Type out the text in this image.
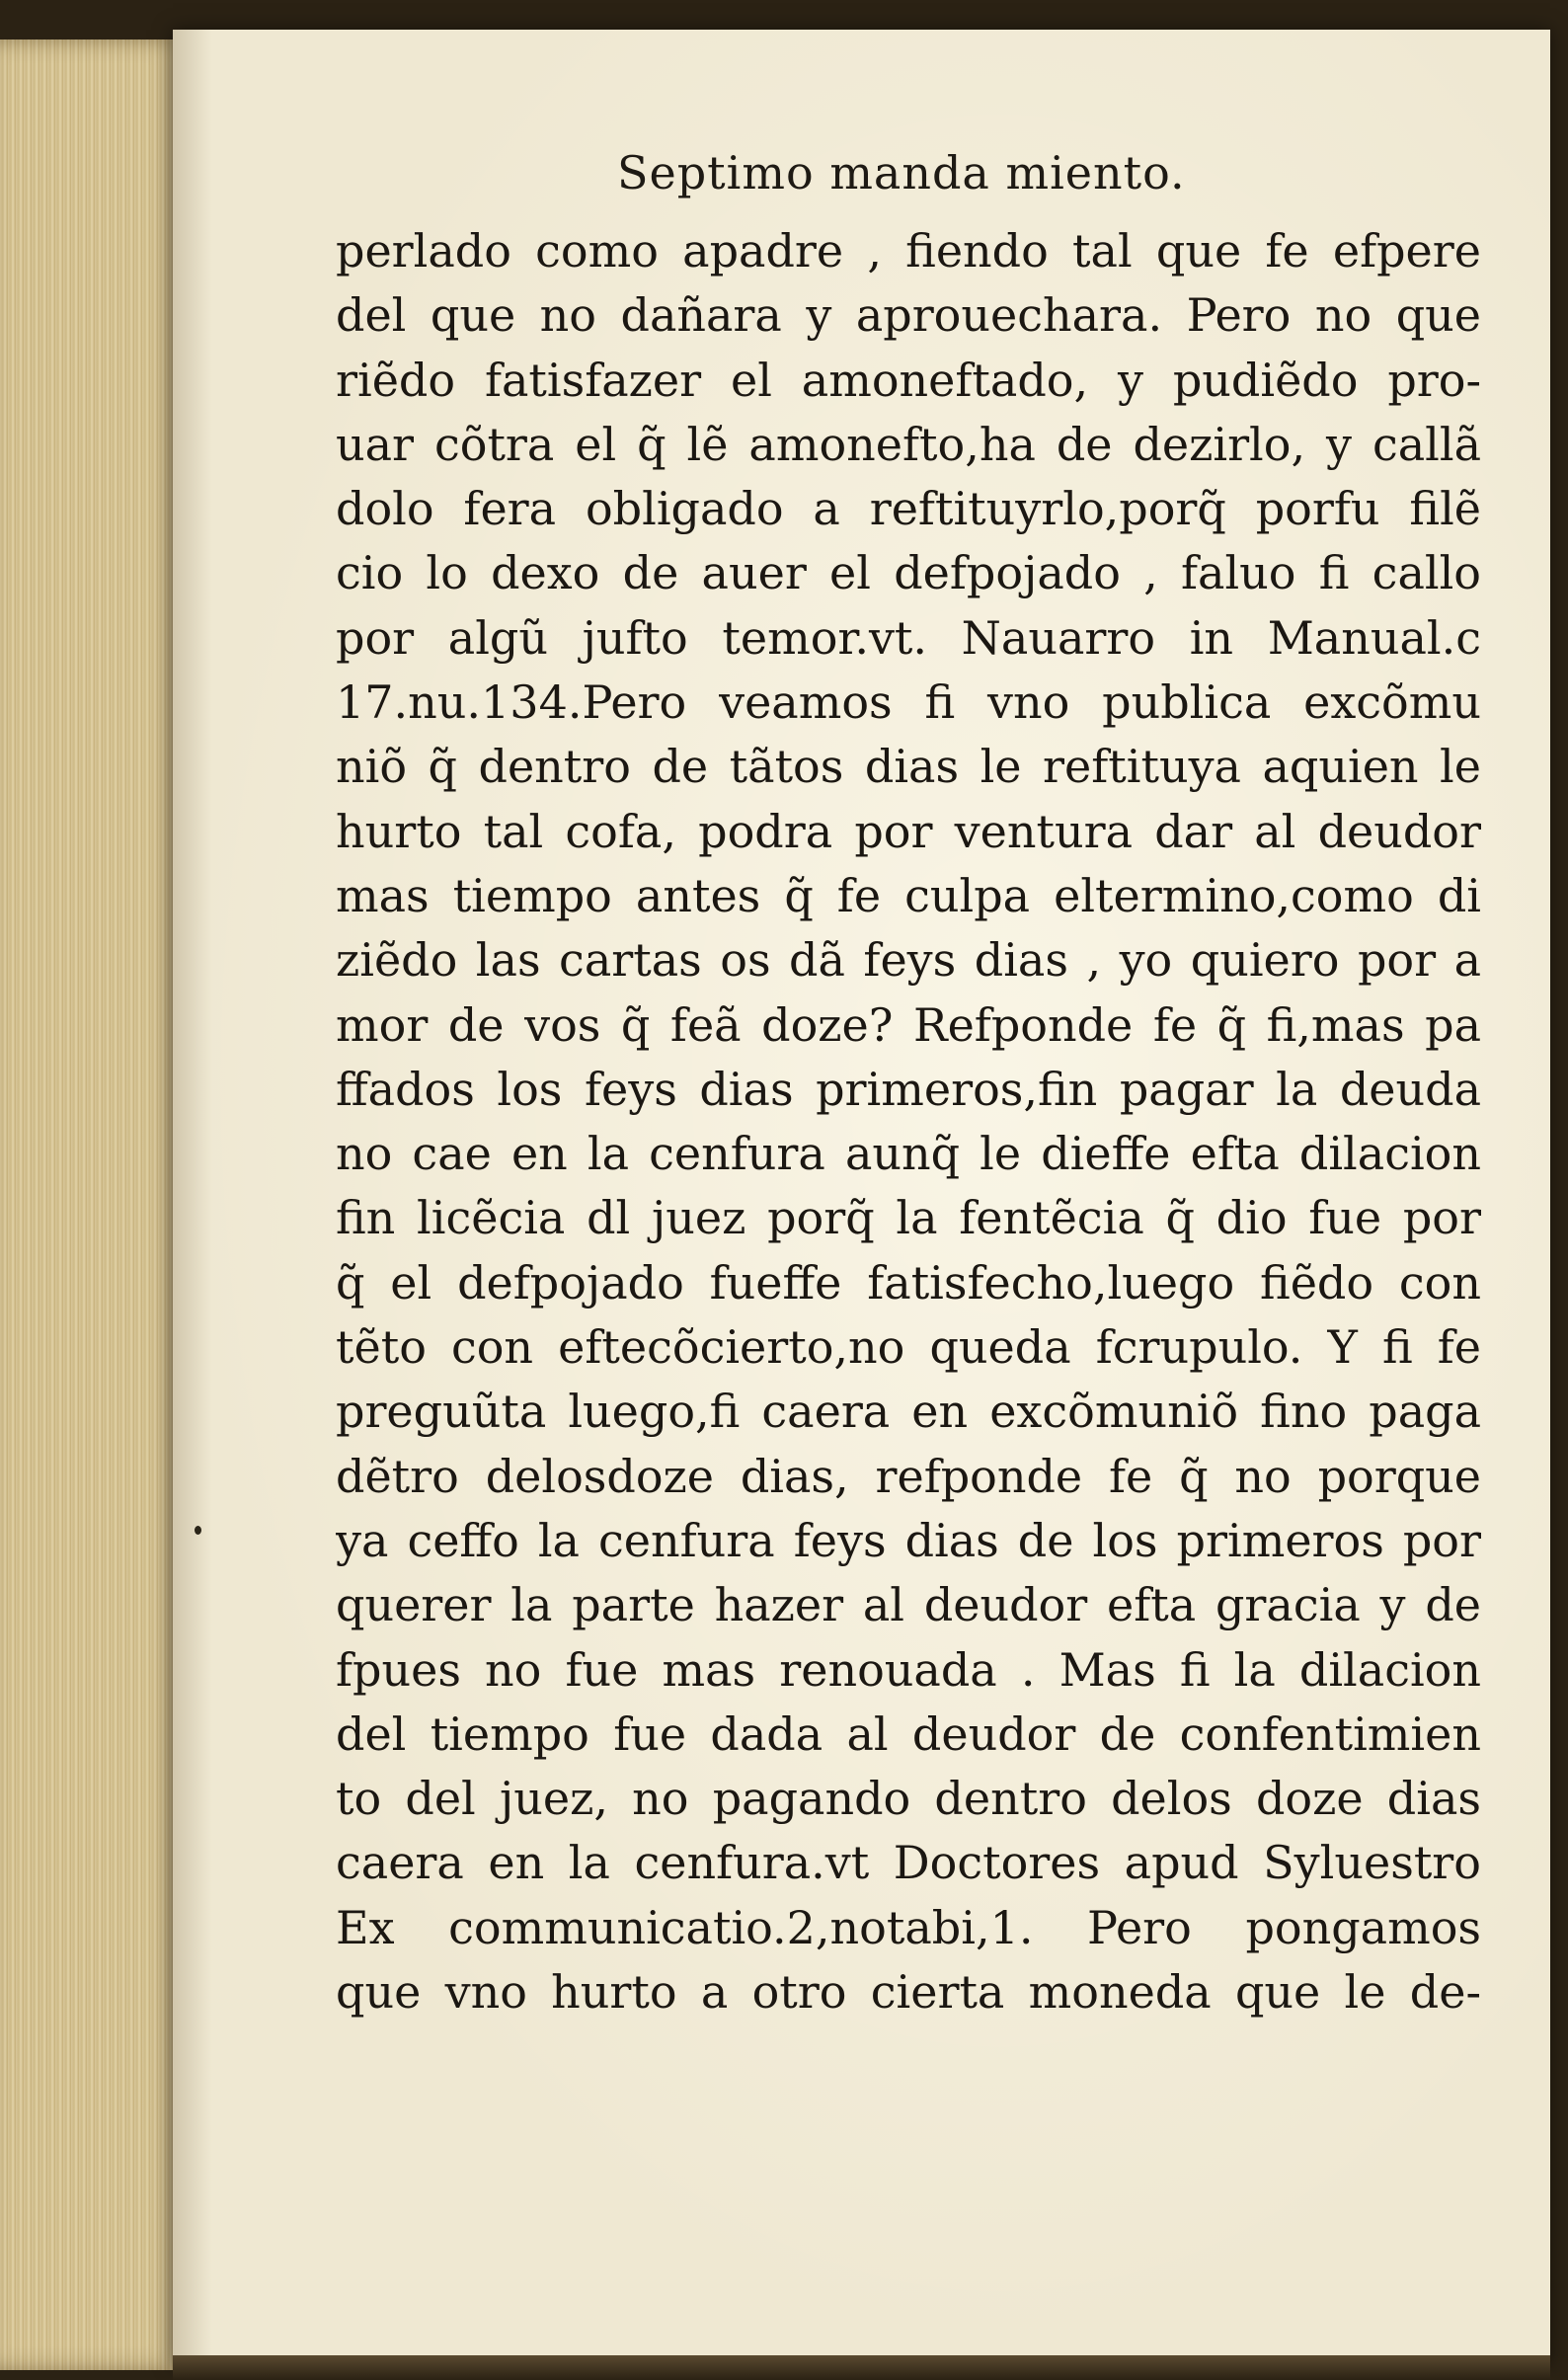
Septimo manda miento.
perlado como apadre , fiendo tal que fe efpere
del que no dañara y aprouechara. Pero no que
riẽdo fatisfazer el amoneftado, y pudiẽdo pro-
uar cõtra el q̃ lẽ amonefto,ha de dezirlo, y callã
dolo fera obligado a reftituyrlo,porq̃ porfu filẽ
cio lo dexo de auer el defpojado , faluo fi callo
por algũ jufto temor.vt. Nauarro in Manual.c
17.nu.134.Pero veamos fi vno publica excõmu
niõ q̃ dentro de tãtos dias le reftituya aquien le
hurto tal cofa, podra por ventura dar al deudor
mas tiempo antes q̃ fe culpa eltermino,como di
ziẽdo las cartas os dã feys dias , yo quiero por a
mor de vos q̃ feã doze? Refponde fe q̃ fi,mas pa
ffados los feys dias primeros,fin pagar la deuda
no cae en la cenfura aunq̃ le dieffe efta dilacion
fin licẽcia dl juez porq̃ la fentẽcia q̃ dio fue por
q̃ el defpojado fueffe fatisfecho,luego fiẽdo con
tẽto con eftecõcierto,no queda fcrupulo. Y fi fe
preguũta luego,fi caera en excõmuniõ fino paga
dẽtro delosdoze dias, refponde fe q̃ no porque
ya ceffo la cenfura feys dias de los primeros por
querer la parte hazer al deudor efta gracia y de
fpues no fue mas renouada . Mas fi la dilacion
del tiempo fue dada al deudor de confentimien
to del juez, no pagando dentro delos doze dias
caera en la cenfura.vt Doctores apud Syluestro
Ex communicatio.2,notabi,1. Pero pongamos
que vno hurto a otro cierta moneda que le de-
